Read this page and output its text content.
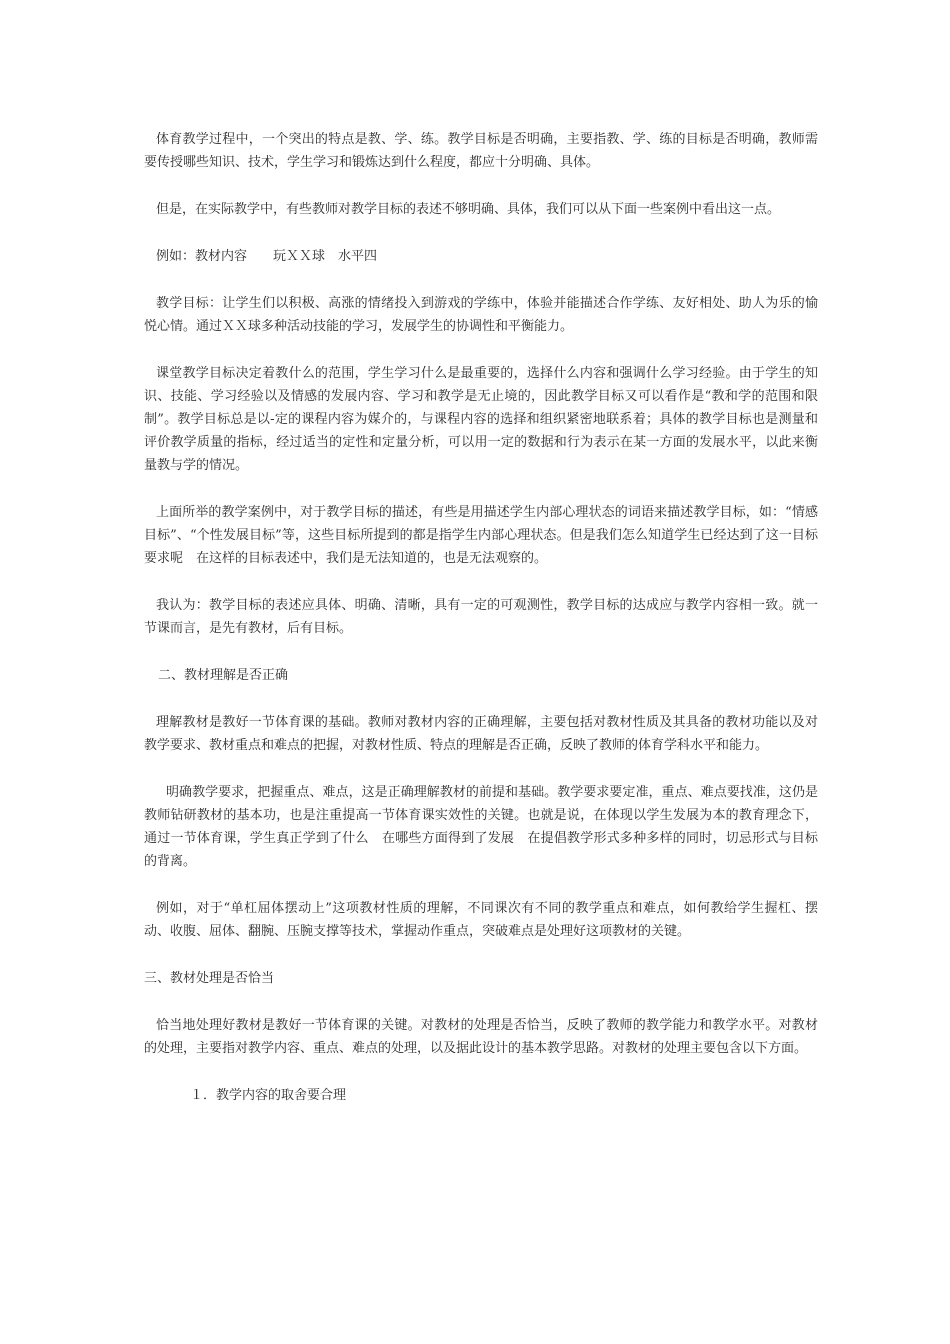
体育教学过程中，一个突出的特点是教、学、练。教学目标是否明确，主要指教、学、练的目标是否明确，教师需要传授哪些知识、技术，学生学习和锻炼达到什么程度，都应十分明确、具体。

但是，在实际教学中，有些教师对教学目标的表述不够明确、具体，我们可以从下面一些案例中看出这一点。

例如：教材内容　　玩ＸＸ球　水平四

教学目标：让学生们以积极、高涨的情绪投入到游戏的学练中，体验并能描述合作学练、友好相处、助人为乐的愉悦心情。通过ＸＸ球多种活动技能的学习，发展学生的协调性和平衡能力。

课堂教学目标决定着教什么的范围，学生学习什么是最重要的，选择什么内容和强调什么学习经验。由于学生的知识、技能、学习经验以及情感的发展内容、学习和教学是无止境的，因此教学目标又可以看作是“教和学的范围和限制”。教学目标总是以-定的课程内容为媒介的，与课程内容的选择和组织紧密地联系着；具体的教学目标也是测量和评价教学质量的指标，经过适当的定性和定量分析，可以用一定的数据和行为表示在某一方面的发展水平，以此来衡量教与学的情况。

上面所举的教学案例中，对于教学目标的描述，有些是用描述学生内部心理状态的词语来描述教学目标，如：“情感目标”、“个性发展目标”等，这些目标所提到的都是指学生内部心理状态。但是我们怎么知道学生已经达到了这一目标要求呢　在这样的目标表述中，我们是无法知道的，也是无法观察的。

我认为：教学目标的表述应具体、明确、清晰，具有一定的可观测性，教学目标的达成应与教学内容相一致。就一节课而言，是先有教材，后有目标。

二、教材理解是否正确

理解教材是教好一节体育课的基础。教师对教材内容的正确理解，主要包括对教材性质及其具备的教材功能以及对教学要求、教材重点和难点的把握，对教材性质、特点的理解是否正确，反映了教师的体育学科水平和能力。

明确教学要求，把握重点、难点，这是正确理解教材的前提和基础。教学要求要定准，重点、难点要找准，这仍是教师钻研教材的基本功，也是注重提高一节体育课实效性的关键。也就是说，在体现以学生发展为本的教育理念下，通过一节体育课，学生真正学到了什么　在哪些方面得到了发展　在提倡教学形式多种多样的同时，切忌形式与目标的背离。

例如，对于“单杠屈体摆动上”这项教材性质的理解，不同课次有不同的教学重点和难点，如何教给学生握杠、摆动、收腹、屈体、翻腕、压腕支撑等技术，掌握动作重点，突破难点是处理好这项教材的关键。

三、教材处理是否恰当

恰当地处理好教材是教好一节体育课的关键。对教材的处理是否恰当，反映了教师的教学能力和教学水平。对教材的处理，主要指对教学内容、重点、难点的处理，以及据此设计的基本教学思路。对教材的处理主要包含以下方面。

１．教学内容的取舍要合理
